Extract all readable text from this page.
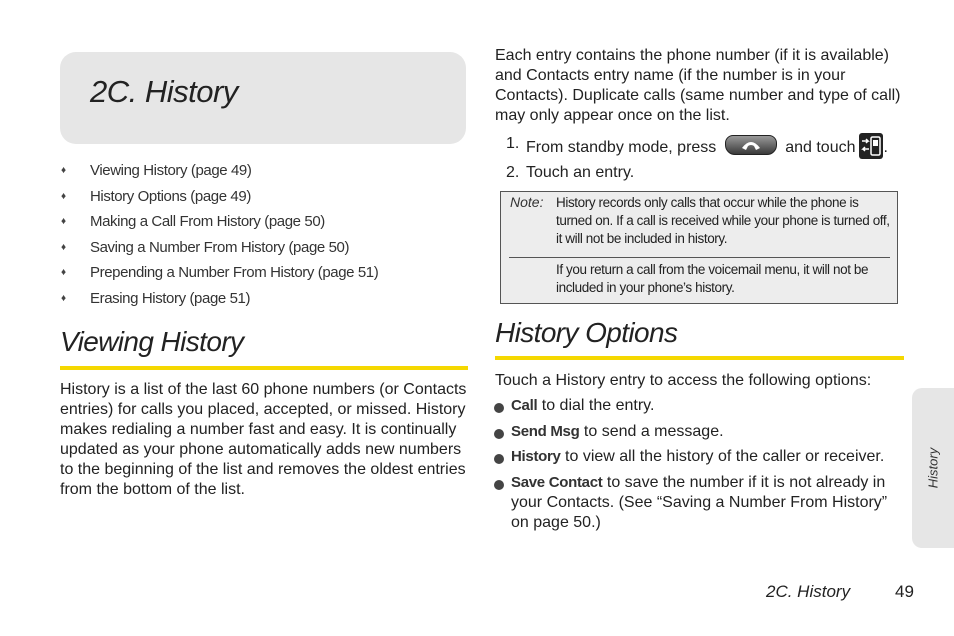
2C. History
♦ Viewing History (page 49)
♦ History Options (page 49)
♦ Making a Call From History (page 50)
♦ Saving a Number From History (page 50)
♦ Prepending a Number From History (page 51)
♦ Erasing History (page 51)
Viewing History

History is a list of the last 60 phone numbers (or Contacts entries) for calls you placed, accepted, or missed. History makes redialing a number fast and easy. It is continually updated as your phone automatically adds new numbers to the beginning of the list and removes the oldest entries from the bottom of the list.

Each entry contains the phone number (if it is available) and Contacts entry name (if the number is in your Contacts). Duplicate calls (same number and type of call) may only appear once on the list.

1. From standby mode, press	and touch .
2. Touch an entry.
Note: History records only calls that occur while the phone is turned on. If a call is received while your phone is turned off, it will not be included in history.

If you return a call from the voicemail menu, it will not be included in your phone’s history.

History Options

Touch a History entry to access the following options:

Call to dial the entry.
Send Msg to send a message.
History to view all the history of the caller or receiver.
Save Contact to save the number if it is not already in your Contacts. (See “Saving a Number From History” on page 50.)
History
2C. History	49
